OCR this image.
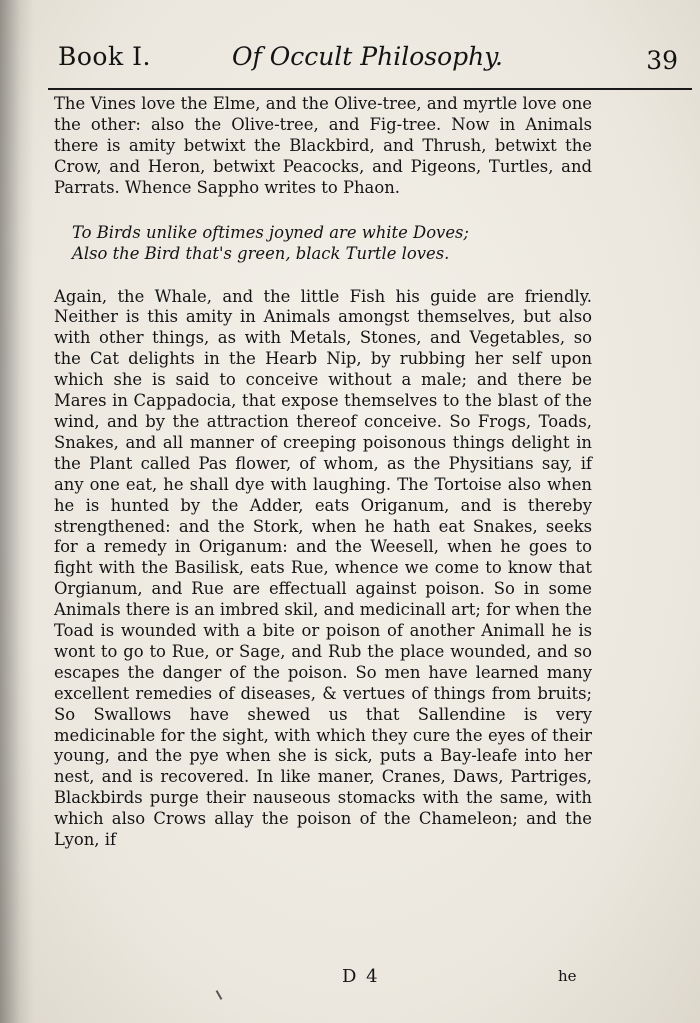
Book I.	Of Occult Philosophy.	39

The Vines love the Elme, and the Olive-tree, and myrtle love one the other: also the Olive-tree, and Fig-tree. Now in Animals there is amity betwixt the Blackbird, and Thrush, betwixt the Crow, and Heron, betwixt Peacocks, and Pigeons, Turtles, and Parrats. Whence Sappho writes to Phaon.

To Birds unlike oftimes joyned are white Doves;
Also the Bird that's green, black Turtle loves.

Again, the Whale, and the little Fish his guide are friendly. Neither is this amity in Animals amongst themselves, but also with other things, as with Metals, Stones, and Vegetables, so the Cat delights in the Hearb Nip, by rubbing her self upon which she is said to conceive without a male; and there be Mares in Cappadocia, that expose themselves to the blast of the wind, and by the attraction thereof conceive. So Frogs, Toads, Snakes, and all manner of creeping poisonous things delight in the Plant called Pas flower, of whom, as the Physitians say, if any one eat, he shall dye with laughing. The Tortoise also when he is hunted by the Adder, eats Origanum, and is thereby strengthened: and the Stork, when he hath eat Snakes, seeks for a remedy in Origanum: and the Weesell, when he goes to fight with the Basilisk, eats Rue, whence we come to know that Orgianum, and Rue are effectuall against poison. So in some Animals there is an imbred skil, and medicinall art; for when the Toad is wounded with a bite or poison of another Animall he is wont to go to Rue, or Sage, and Rub the place wounded, and so escapes the danger of the poison. So men have learned many excellent remedies of diseases, & vertues of things from bruits; So Swallows have shewed us that Sallendine is very medicinable for the sight, with which they cure the eyes of their young, and the pye when she is sick, puts a Bay-leafe into her nest, and is recovered. In like maner, Cranes, Daws, Partriges, Blackbirds purge their nauseous stomacks with the same, with which also Crows allay the poison of the Chameleon; and the Lyon, if

D 4	he
